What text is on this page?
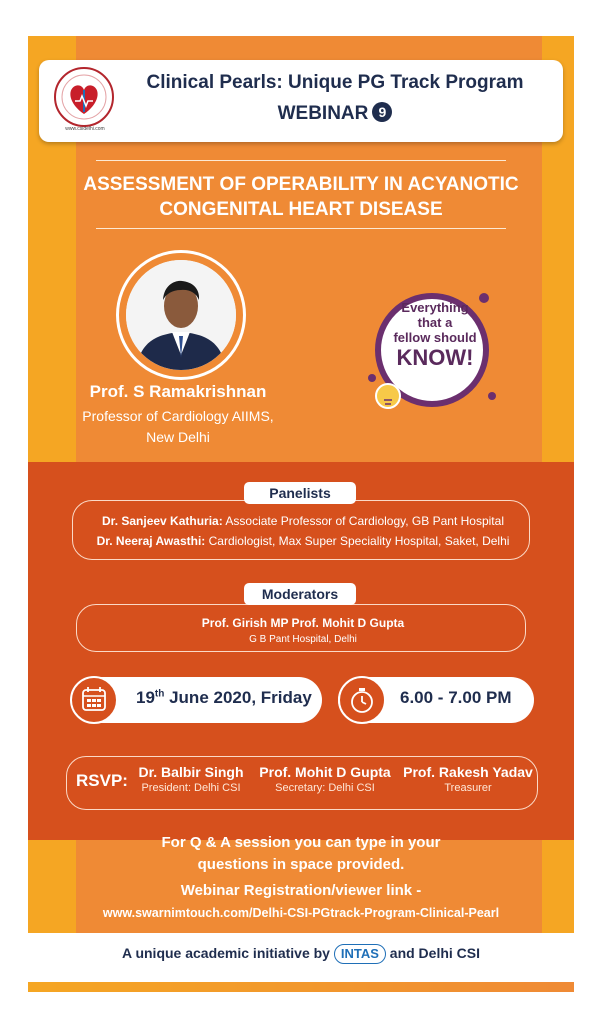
www.csidelhi.com
Clinical Pearls: Unique PG Track Program
WEBINAR 9
ASSESSMENT OF OPERABILITY IN ACYANOTIC
CONGENITAL HEART DISEASE
Prof. S Ramakrishnan
Professor of Cardiology AIIMS,
New Delhi
Everything
that a
fellow should
KNOW!
Panelists
Dr. Sanjeev Kathuria: Associate Professor of Cardiology, GB Pant Hospital
Dr. Neeraj Awasthi: Cardiologist, Max Super Speciality Hospital, Saket, Delhi
Moderators
Prof. Girish MP Prof. Mohit D Gupta
G B Pant Hospital, Delhi
19th June 2020, Friday	6.00 - 7.00 PM
RSVP: Dr. Balbir Singh
President: Delhi CSI
Prof. Mohit D Gupta
Secretary: Delhi CSI
Prof. Rakesh Yadav
Treasurer
For Q & A session you can type in your
questions in space provided.
Webinar Registration/viewer link -
www.swarnimtouch.com/Delhi-CSI-PGtrack-Program-Clinical-Pearl
A unique academic initiative by INTAS and Delhi CSI
